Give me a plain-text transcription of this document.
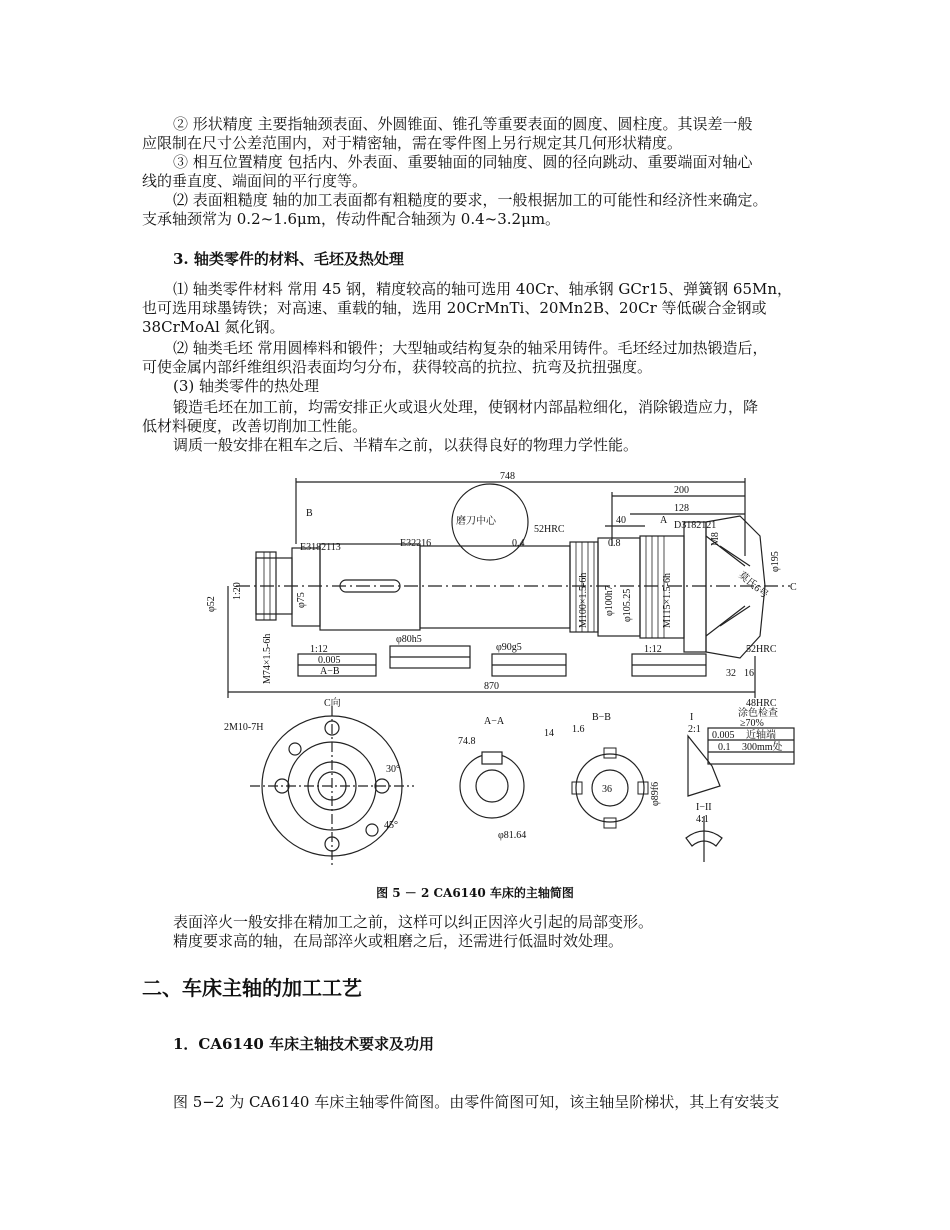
② 形状精度 主要指轴颈表面、外圆锥面、锥孔等重要表面的圆度、圆柱度。其误差一般

应限制在尺寸公差范围内，对于精密轴，需在零件图上另行规定其几何形状精度。

③ 相互位置精度 包括内、外表面、重要轴面的同轴度、圆的径向跳动、重要端面对轴心

线的垂直度、端面间的平行度等。

⑵ 表面粗糙度 轴的加工表面都有粗糙度的要求，一般根据加工的可能性和经济性来确定。

支承轴颈常为 0.2~1.6μm，传动件配合轴颈为 0.4~3.2μm。

3. 轴类零件的材料、毛坯及热处理

⑴ 轴类零件材料 常用 45 钢，精度较高的轴可选用 40Cr、轴承钢 GCr15、弹簧钢 65Mn，

也可选用球墨铸铁；对高速、重载的轴，选用 20CrMnTi、20Mn2B、20Cr 等低碳合金钢或

38CrMoAl 氮化钢。

⑵ 轴类毛坯 常用圆棒料和锻件；大型轴或结构复杂的轴采用铸件。毛坯经过加热锻造后，

可使金属内部纤维组织沿表面均匀分布，获得较高的抗拉、抗弯及抗扭强度。

(3) 轴类零件的热处理

锻造毛坯在加工前，均需安排正火或退火处理，使钢材内部晶粒细化，消除锻造应力，降

低材料硬度，改善切削加工性能。

调质一般安排在粗车之后、半精车之前，以获得良好的物理力学性能。

748
200
128
40
870
32 16
B
A
C
E3182113	E32216
D3182121
52HRC
52HRC
48HRC
磨刀中心
0.4	0.8
1:12	1:12
A−B
0.005
φ80h5
φ90g5
φ52
1:20
M74×1.5-6h
φ75	M100×1.5-6h φ100h7 φ105.25	M115×1.5-6h
φ195
M8
莫氏6号
C向
2M10-7H
30°
45°
A−A	B−B
74.8
φ81.64
14 1.6
36	φ89f6
I
2:1
I−II
4:1
涂色检查
≥70%
0.005 近轴端
0.1 300mm处
图 5 － 2 CA6140 车床的主轴简图

表面淬火一般安排在精加工之前，这样可以纠正因淬火引起的局部变形。

精度要求高的轴，在局部淬火或粗磨之后，还需进行低温时效处理。

二、车床主轴的加工工艺
1．CA6140 车床主轴技术要求及功用

图 5−2 为 CA6140 车床主轴零件简图。由零件简图可知，该主轴呈阶梯状，其上有安装支
